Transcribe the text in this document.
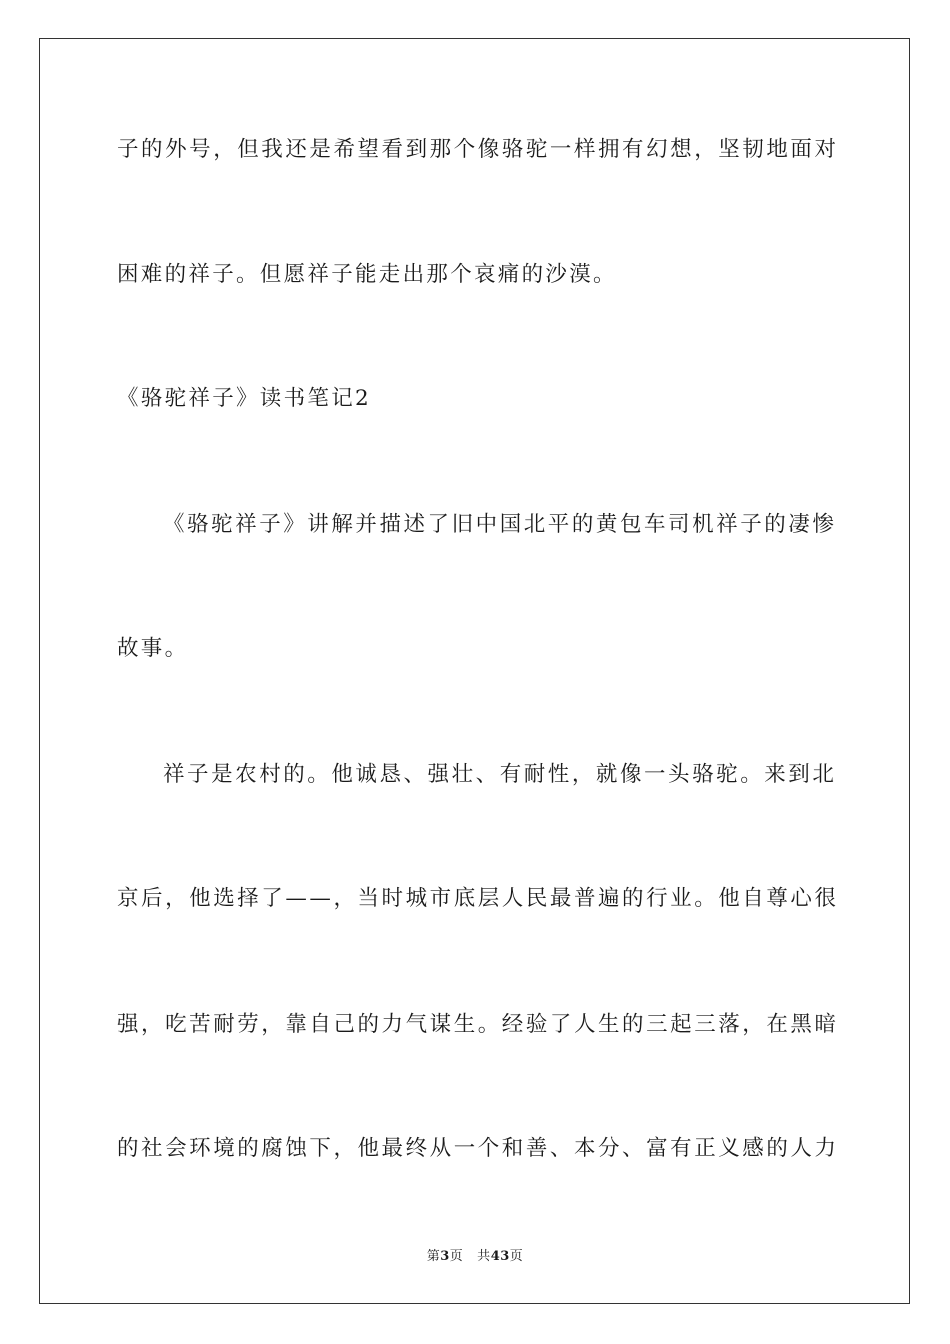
子的外号，但我还是希望看到那个像骆驼一样拥有幻想，坚韧地面对
困难的祥子。但愿祥子能走出那个哀痛的沙漠。
《骆驼祥子》读书笔记2
《骆驼祥子》讲解并描述了旧中国北平的黄包车司机祥子的凄惨
故事。
祥子是农村的。他诚恳、强壮、有耐性，就像一头骆驼。来到北
京后，他选择了——，当时城市底层人民最普遍的行业。他自尊心很
强，吃苦耐劳，靠自己的力气谋生。经验了人生的三起三落，在黑暗
的社会环境的腐蚀下，他最终从一个和善、本分、富有正义感的人力
第3页 共43页
